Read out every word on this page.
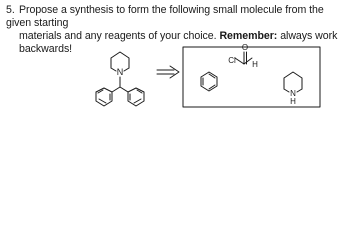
5. Propose a synthesis to form the following small molecule from the given starting
materials and any reagents of your choice. Remember: always work backwards!
N
Cl
O
H
N
H
